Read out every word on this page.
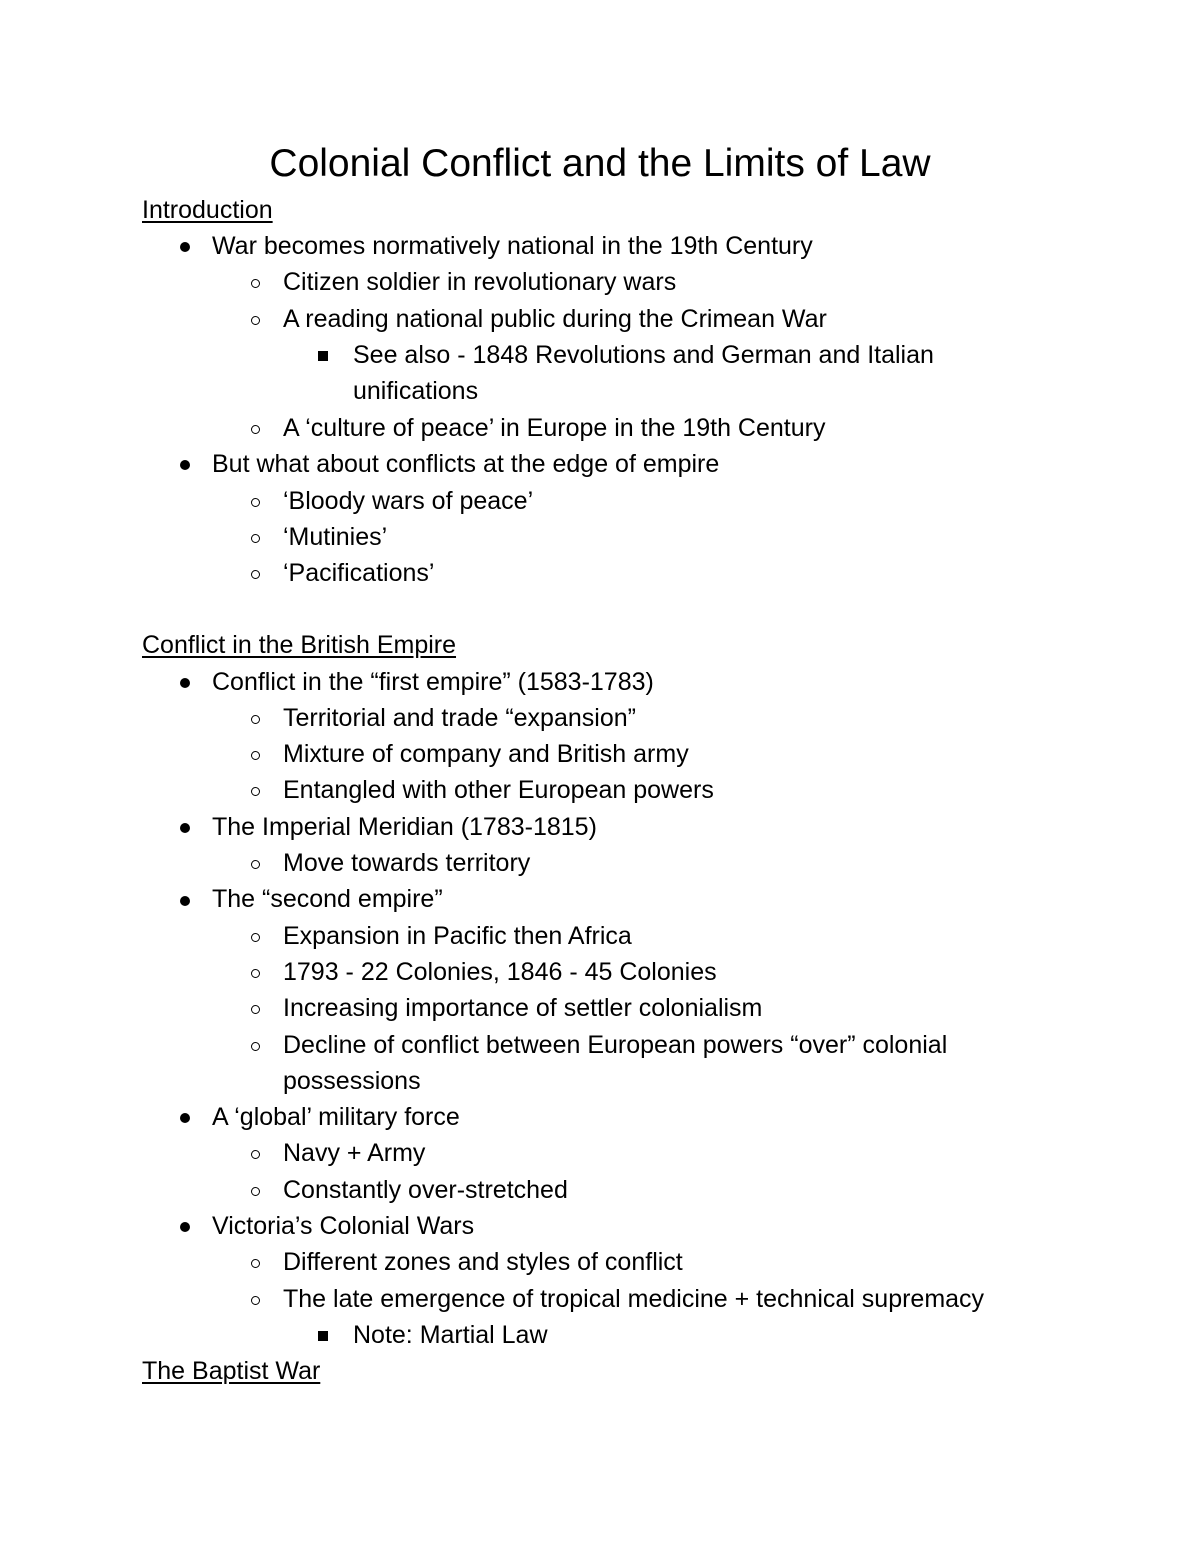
Colonial Conflict and the Limits of Law
Introduction
War becomes normatively national in the 19th Century
Citizen soldier in revolutionary wars
A reading national public during the Crimean War
See also - 1848 Revolutions and German and Italian
unifications
A ‘culture of peace’ in Europe in the 19th Century
But what about conflicts at the edge of empire
‘Bloody wars of peace’
‘Mutinies’
‘Pacifications’
Conflict in the British Empire
Conflict in the “first empire” (1583-1783)
Territorial and trade “expansion”
Mixture of company and British army
Entangled with other European powers
The Imperial Meridian (1783-1815)
Move towards territory
The “second empire”
Expansion in Pacific then Africa
1793 - 22 Colonies, 1846 - 45 Colonies
Increasing importance of settler colonialism
Decline of conflict between European powers “over” colonial
possessions
A ‘global’ military force
Navy + Army
Constantly over-stretched
Victoria’s Colonial Wars
Different zones and styles of conflict
The late emergence of tropical medicine + technical supremacy
Note: Martial Law
The Baptist War
